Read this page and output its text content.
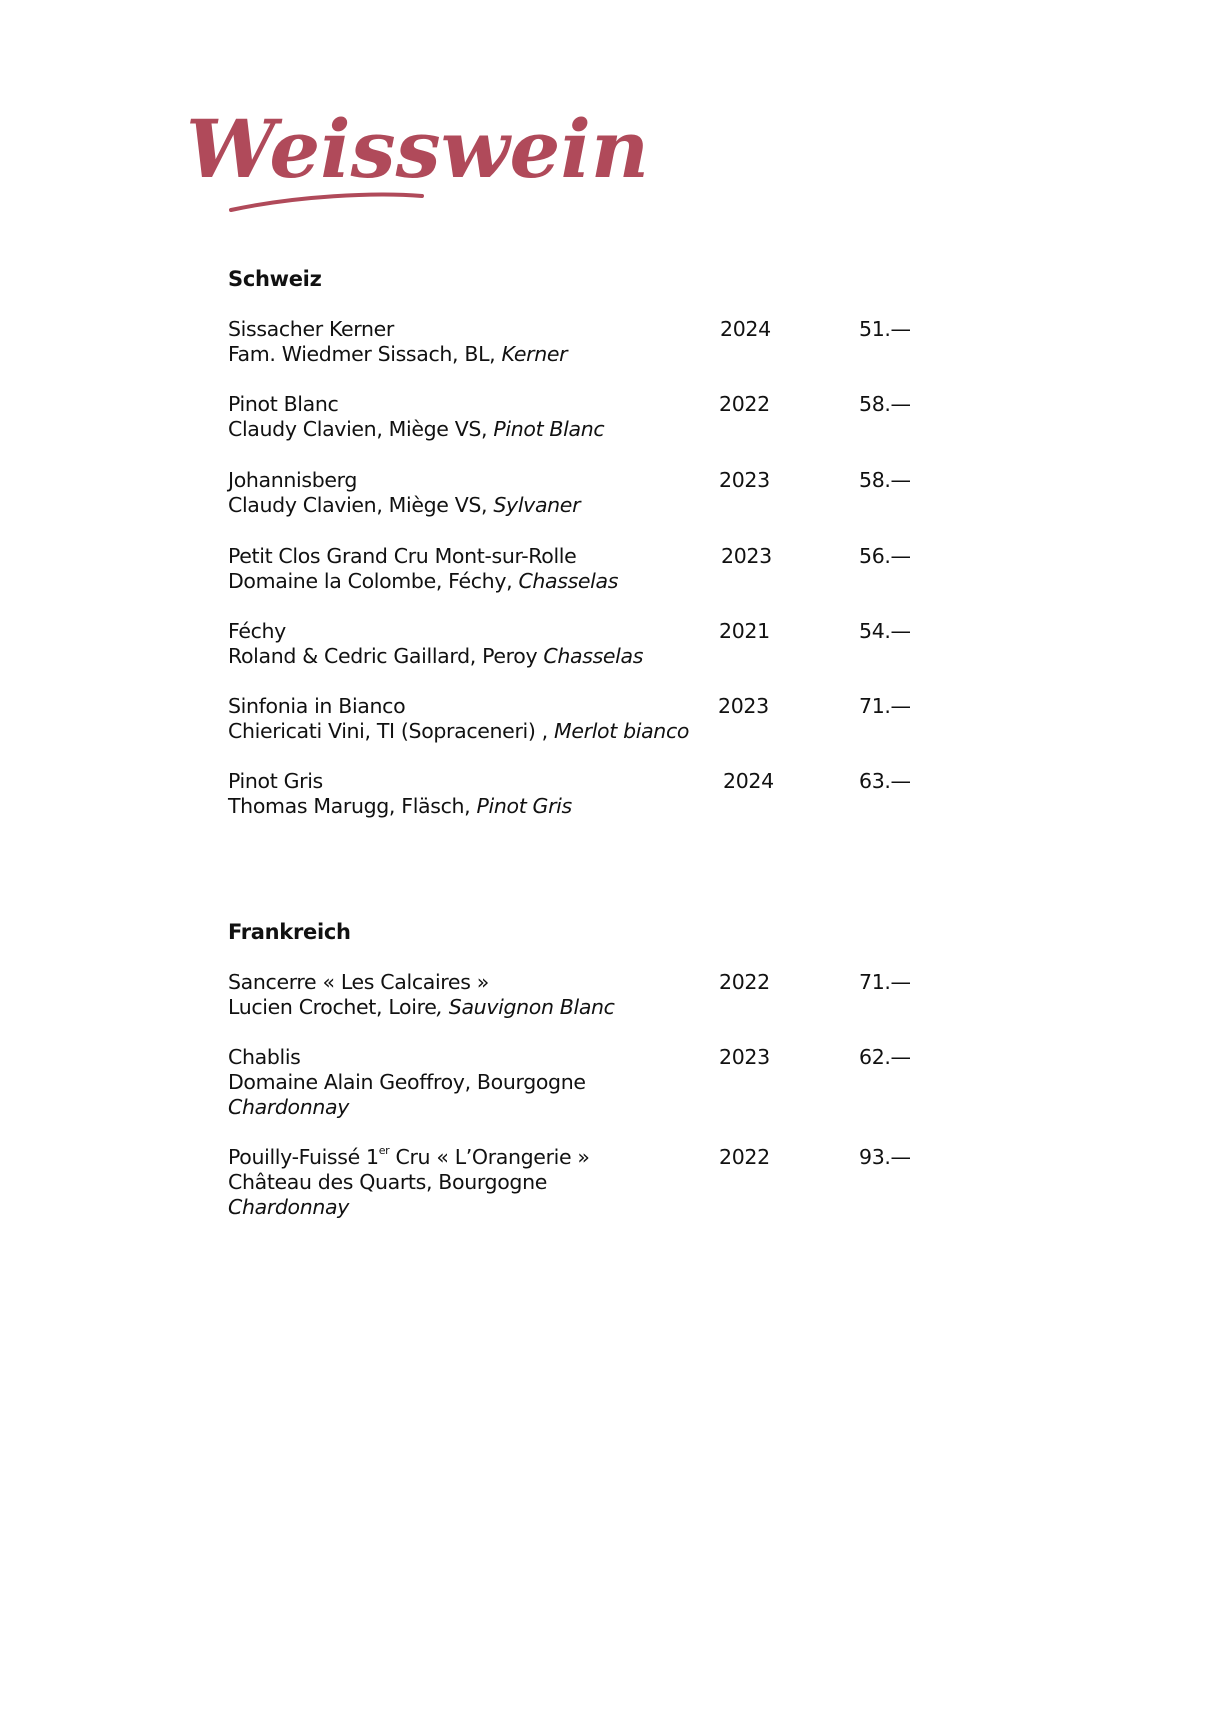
Weisswein
Schweiz
Sissacher Kerner
Fam. Wiedmer Sissach, BL, Kerner
2024	51.—
Pinot Blanc
Claudy Clavien, Miège VS, Pinot Blanc
2022	58.—
Johannisberg
Claudy Clavien, Miège VS, Sylvaner
2023	58.—
Petit Clos Grand Cru Mont-sur-Rolle
Domaine la Colombe, Féchy, Chasselas
2023	56.—
Féchy
Roland & Cedric Gaillard, Peroy Chasselas
2021	54.—
Sinfonia in Bianco
Chiericati Vini, TI (Sopraceneri) , Merlot bianco
2023	71.—
Pinot Gris
Thomas Marugg, Fläsch, Pinot Gris
2024	63.—
Frankreich
Sancerre « Les Calcaires »
Lucien Crochet, Loire, Sauvignon Blanc
2022	71.—
Chablis
Domaine Alain Geoffroy, Bourgogne
Chardonnay
2023	62.—
Pouilly-Fuissé 1er Cru « L’Orangerie »
Château des Quarts, Bourgogne
Chardonnay
2022	93.—
